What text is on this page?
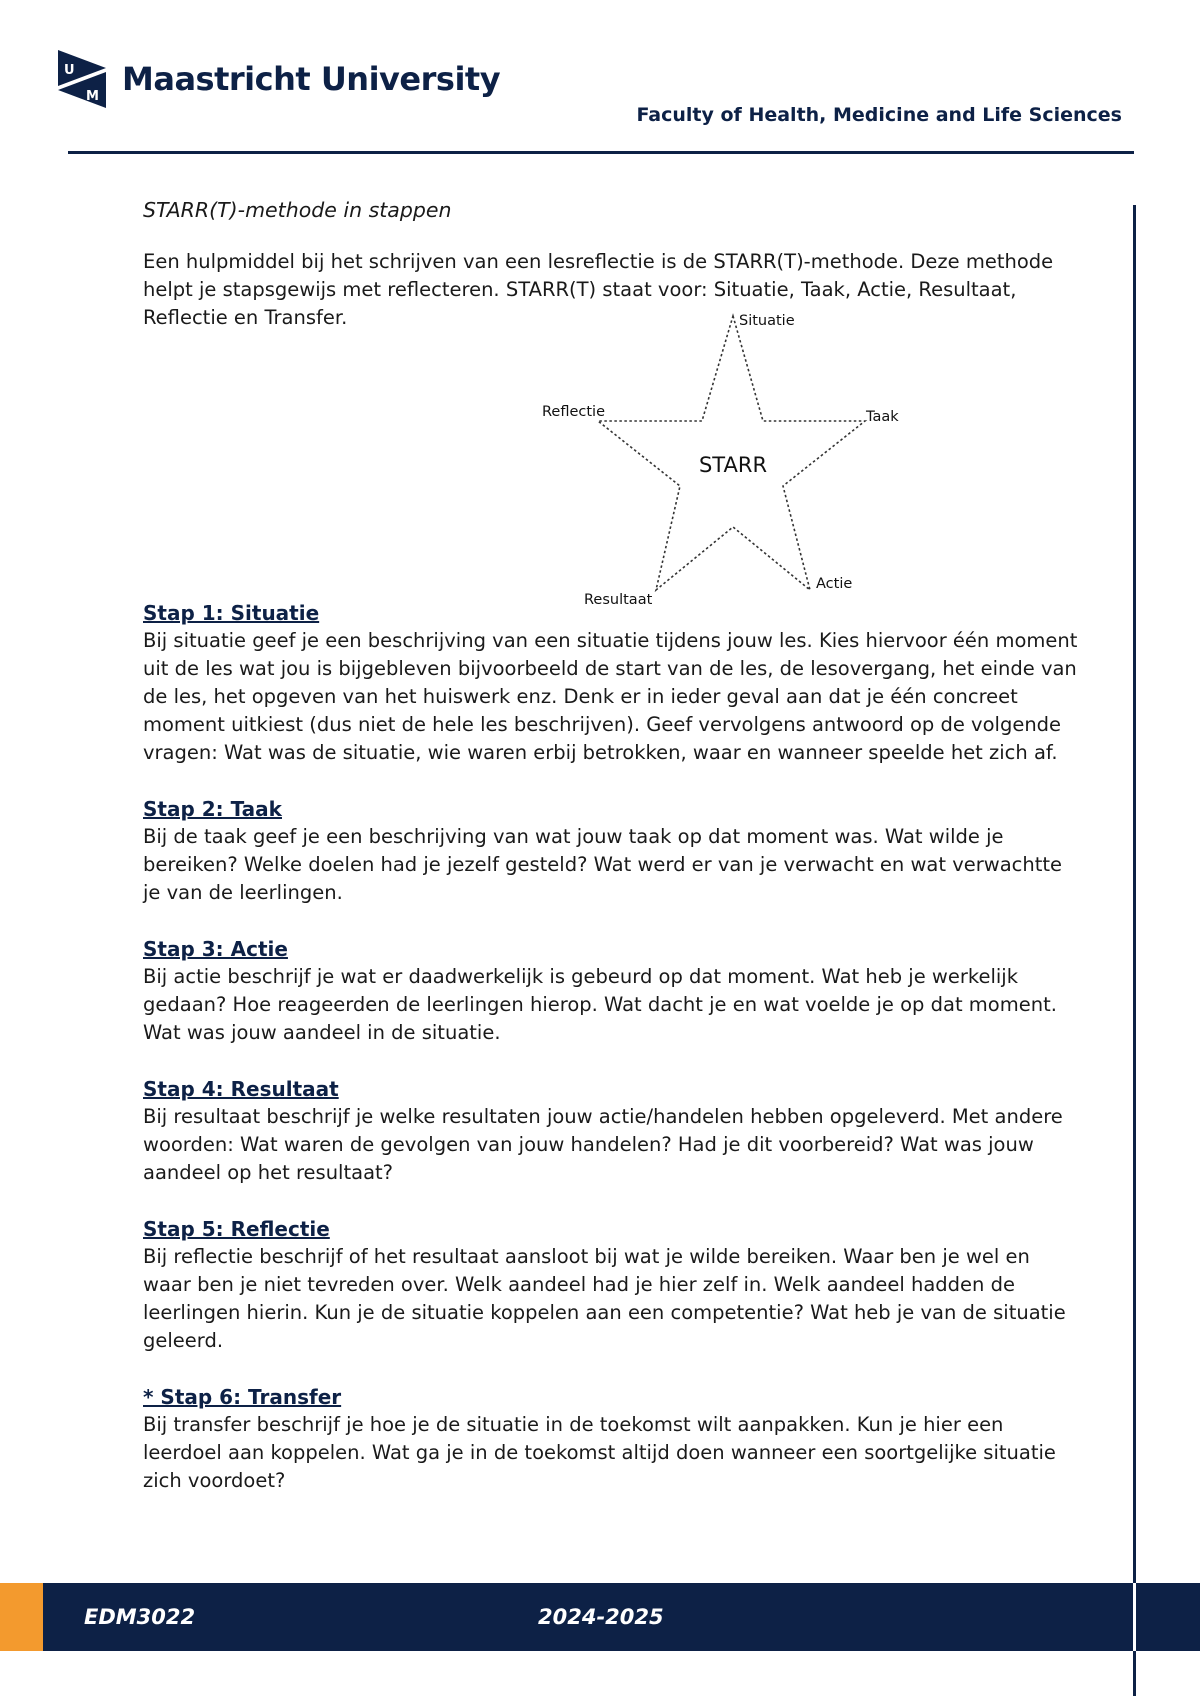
U
M Maastricht University
Faculty of Health, Medicine and Life Sciences

STARR(T)-methode in stappen

Een hulpmiddel bij het schrijven van een lesreflectie is de STARR(T)-methode. Deze methode helpt je stapsgewijs met reflecteren. STARR(T) staat voor: Situatie, Taak, Actie, Resultaat, Reflectie en Transfer.

Stap 1: Situatie

Bij situatie geef je een beschrijving van een situatie tijdens jouw les. Kies hiervoor één moment uit de les wat jou is bijgebleven bijvoorbeeld de start van de les, de lesovergang, het einde van de les, het opgeven van het huiswerk enz. Denk er in ieder geval aan dat je één concreet moment uitkiest (dus niet de hele les beschrijven). Geef vervolgens antwoord op de volgende vragen: Wat was de situatie, wie waren erbij betrokken, waar en wanneer speelde het zich af.

Stap 2: Taak

Bij de taak geef je een beschrijving van wat jouw taak op dat moment was. Wat wilde je bereiken? Welke doelen had je jezelf gesteld? Wat werd er van je verwacht en wat verwachtte je van de leerlingen.

Stap 3: Actie

Bij actie beschrijf je wat er daadwerkelijk is gebeurd op dat moment. Wat heb je werkelijk gedaan? Hoe reageerden de leerlingen hierop. Wat dacht je en wat voelde je op dat moment. Wat was jouw aandeel in de situatie.

Stap 4: Resultaat

Bij resultaat beschrijf je welke resultaten jouw actie/handelen hebben opgeleverd. Met andere woorden: Wat waren de gevolgen van jouw handelen? Had je dit voorbereid? Wat was jouw aandeel op het resultaat?

Stap 5: Reflectie

Bij reflectie beschrijf of het resultaat aansloot bij wat je wilde bereiken. Waar ben je wel en waar ben je niet tevreden over. Welk aandeel had je hier zelf in. Welk aandeel hadden de leerlingen hierin. Kun je de situatie koppelen aan een competentie? Wat heb je van de situatie geleerd.

* Stap 6: Transfer

Bij transfer beschrijf je hoe je de situatie in de toekomst wilt aanpakken. Kun je hier een leerdoel aan koppelen. Wat ga je in de toekomst altijd doen wanneer een soortgelijke situatie zich voordoet?

STARR
Situatie
Taak
Actie
Resultaat
Reflectie
EDM3022	2024-2025
